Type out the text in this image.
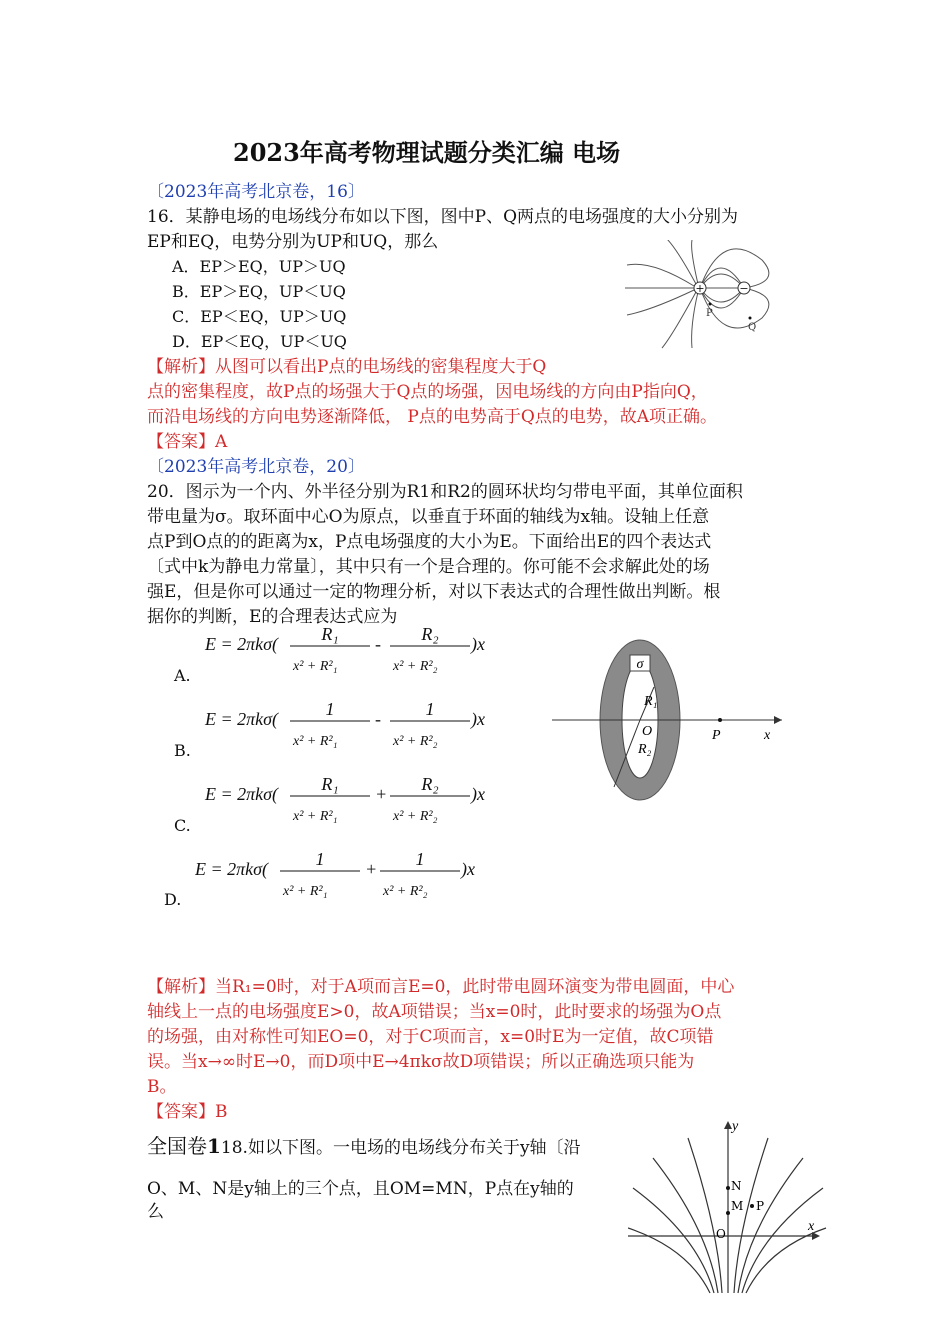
2023年高考物理试题分类汇编 电场
〔2023年高考北京卷，16〕
16．某静电场的电场线分布如以下图，图中P、Q两点的电场强度的大小分别为
EP和EQ，电势分别为UP和UQ，那么
A．EP＞EQ，UP＞UQ
B．EP＞EQ，UP＜UQ
C．EP＜EQ，UP＞UQ
D．EP＜EQ，UP＜UQ
+	−
P
Q
【解析】从图可以看出P点的电场线的密集程度大于Q
点的密集程度，故P点的场强大于Q点的场强，因电场线的方向由P指向Q，
而沿电场线的方向电势逐渐降低， P点的电势高于Q点的电势，故A项正确。
【答案】A
〔2023年高考北京卷，20〕
20．图示为一个内、外半径分别为R1和R2的圆环状均匀带电平面，其单位面积
带电量为σ。取环面中心O为原点，以垂直于环面的轴线为x轴。设轴上任意
点P到O点的的距离为x，P点电场强度的大小为E。下面给出E的四个表达式
〔式中k为静电力常量〕，其中只有一个是合理的。你可能不会求解此处的场
强E，但是你可以通过一定的物理分析，对以下表达式的合理性做出判断。根
据你的判断，E的合理表达式应为
A.
B.
C.
D.
E = 2πkσ( R₁
x² + R²₁
- R₂
x² + R²₂
)x
E = 2πkσ(	1
x² + R²₁
- 1
x² + R²₂
)x
E = 2πkσ( R₁
x² + R²₁
+ R₂
x² + R²₂
)x
E = 2πkσ(	1
x² + R²₁
+ 1
x² + R²₂
)x
σ
R₁
O
R₂
P	x
【解析】当R₁=0时，对于A项而言E=0，此时带电圆环演变为带电圆面，中心
轴线上一点的电场强度E>0，故A项错误；当x=0时，此时要求的场强为O点
的场强，由对称性可知EO=0，对于C项而言，x=0时E为一定值，故C项错
误。当x→∞时E→0，而D项中E→4πkσ故D项错误；所以正确选项只能为
B。
【答案】B
全国卷118.如以下图。一电场的电场线分布关于y轴〔沿
O、M、N是y轴上的三个点，且OM=MN，P点在y轴的
么
y
x
N
M P
O
